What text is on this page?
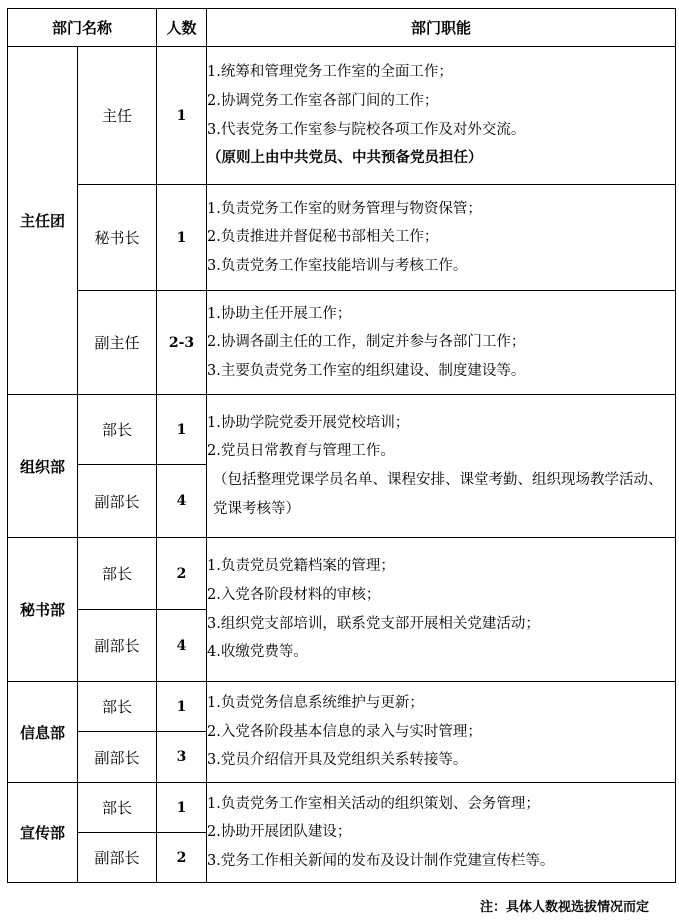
部门名称		人数	部门职能
主任团	主任	1	1.统筹和管理党务工作室的全面工作；
2.协调党务工作室各部门间的工作；
3.代表党务工作室参与院校各项工作及对外交流。
（原则上由中共党员、中共预备党员担任）

	秘书长	1	1.负责党务工作室的财务管理与物资保管；
2.负责推进并督促秘书部相关工作；
3.负责党务工作室技能培训与考核工作。

	副主任	2-3	1.协助主任开展工作；
2.协调各副主任的工作，制定并参与各部门工作；
3.主要负责党务工作室的组织建设、制度建设等。

组织部	部长	1	1.协助学院党委开展党校培训；
2.党员日常教育与管理工作。
（包括整理党课学员名单、课程安排、课堂考勤、组织现场教学活动、党课考核等）

	副部长	4	
秘书部	部长	2	1.负责党员党籍档案的管理；
2.入党各阶段材料的审核；
3.组织党支部培训，联系党支部开展相关党建活动；
4.收缴党费等。

	副部长	4	
信息部	部长	1	1.负责党务信息系统维护与更新；
2.入党各阶段基本信息的录入与实时管理；
3.党员介绍信开具及党组织关系转接等。

	副部长	3	
宣传部	部长	1	1.负责党务工作室相关活动的组织策划、会务管理；
2.协助开展团队建设；
3.党务工作相关新闻的发布及设计制作党建宣传栏等。

	副部长	2	
注：具体人数视选拔情况而定
